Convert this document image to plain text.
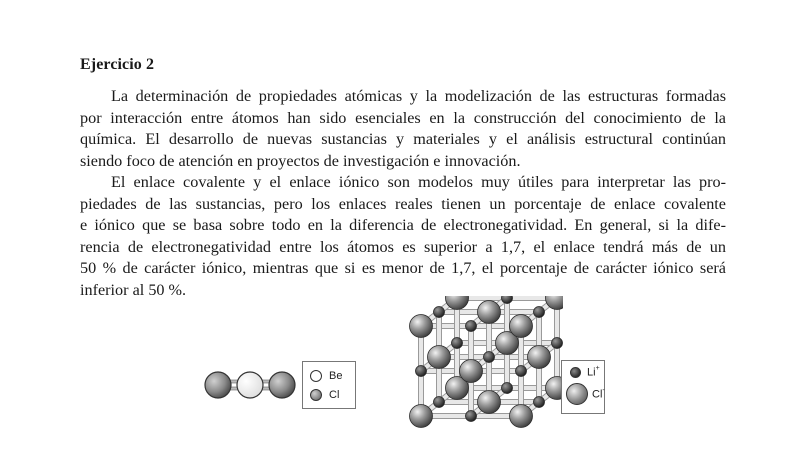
Ejercicio 2
La determinación de propiedades atómicas y la modelización de las estructuras formadas
por interacción entre átomos han sido esenciales en la construcción del conocimiento de la
química. El desarrollo de nuevas sustancias y materiales y el análisis estructural continúan
siendo foco de atención en proyectos de investigación e innovación.
El enlace covalente y el enlace iónico son modelos muy útiles para interpretar las pro-
piedades de las sustancias, pero los enlaces reales tienen un porcentaje de enlace covalente
e iónico que se basa sobre todo en la diferencia de electronegatividad. En general, si la dife-
rencia de electronegatividad entre los átomos es superior a 1,7, el enlace tendrá más de un
50 % de carácter iónico, mientras que si es menor de 1,7, el porcentaje de carácter iónico será
inferior al 50 %.
Be
Cl
Li+
Cl-
